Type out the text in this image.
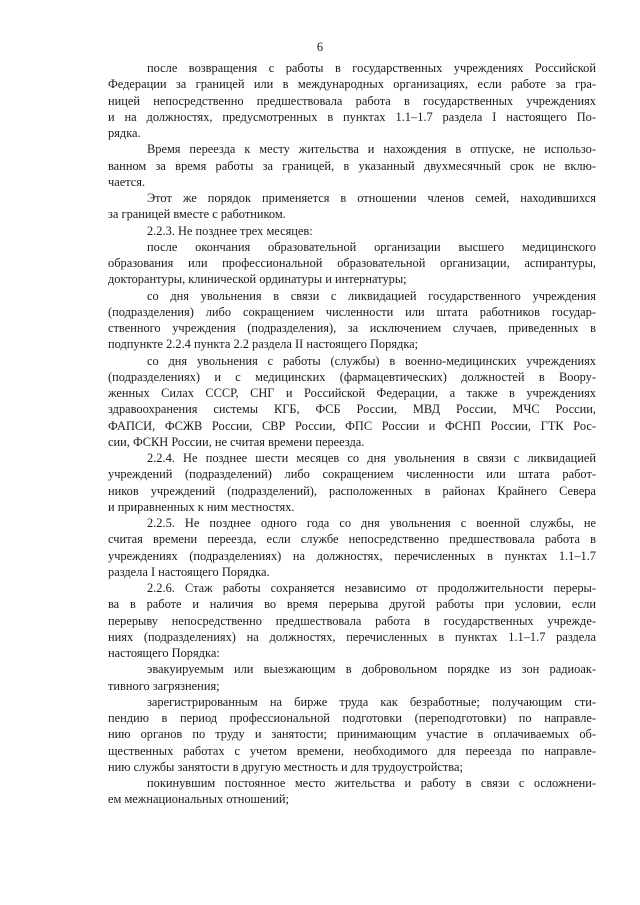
6
после возвращения с работы в государственных учреждениях Российской
Федерации за границей или в международных организациях, если работе за гра-
ницей непосредственно предшествовала работа в государственных учреждениях
и на должностях, предусмотренных в пунктах 1.1–1.7 раздела I настоящего По-
рядка.
Время переезда к месту жительства и нахождения в отпуске, не использо-
ванном за время работы за границей, в указанный двухмесячный срок не вклю-
чается.
Этот же порядок применяется в отношении членов семей, находившихся
за границей вместе с работником.
2.2.3. Не позднее трех месяцев:
после окончания образовательной организации высшего медицинского
образования или профессиональной образовательной организации, аспирантуры,
докторантуры, клинической ординатуры и интернатуры;
со дня увольнения в связи с ликвидацией государственного учреждения
(подразделения) либо сокращением численности или штата работников государ-
ственного учреждения (подразделения), за исключением случаев, приведенных в
подпункте 2.2.4 пункта 2.2 раздела II настоящего Порядка;
со дня увольнения с работы (службы) в военно-медицинских учреждениях
(подразделениях) и с медицинских (фармацевтических) должностей в Воору-
женных Силах СССР, СНГ и Российской Федерации, а также в учреждениях
здравоохранения системы КГБ, ФСБ России, МВД России, МЧС России,
ФАПСИ, ФСЖВ России, СВР России, ФПС России и ФСНП России, ГТК Рос-
сии, ФСКН России, не считая времени переезда.
2.2.4. Не позднее шести месяцев со дня увольнения в связи с ликвидацией
учреждений (подразделений) либо сокращением численности или штата работ-
ников учреждений (подразделений), расположенных в районах Крайнего Севера
и приравненных к ним местностях.
2.2.5. Не позднее одного года со дня увольнения с военной службы, не
считая времени переезда, если службе непосредственно предшествовала работа в
учреждениях (подразделениях) на должностях, перечисленных в пунктах 1.1–1.7
раздела I настоящего Порядка.
2.2.6. Стаж работы сохраняется независимо от продолжительности переры-
ва в работе и наличия во время перерыва другой работы при условии, если
перерыву непосредственно предшествовала работа в государственных учрежде-
ниях (подразделениях) на должностях, перечисленных в пунктах 1.1–1.7 раздела
настоящего Порядка:
эвакуируемым или выезжающим в добровольном порядке из зон радиоак-
тивного загрязнения;
зарегистрированным на бирже труда как безработные; получающим сти-
пендию в период профессиональной подготовки (переподготовки) по направле-
нию органов по труду и занятости; принимающим участие в оплачиваемых об-
щественных работах с учетом времени, необходимого для переезда по направле-
нию службы занятости в другую местность и для трудоустройства;
покинувшим постоянное место жительства и работу в связи с осложнени-
ем межнациональных отношений;
